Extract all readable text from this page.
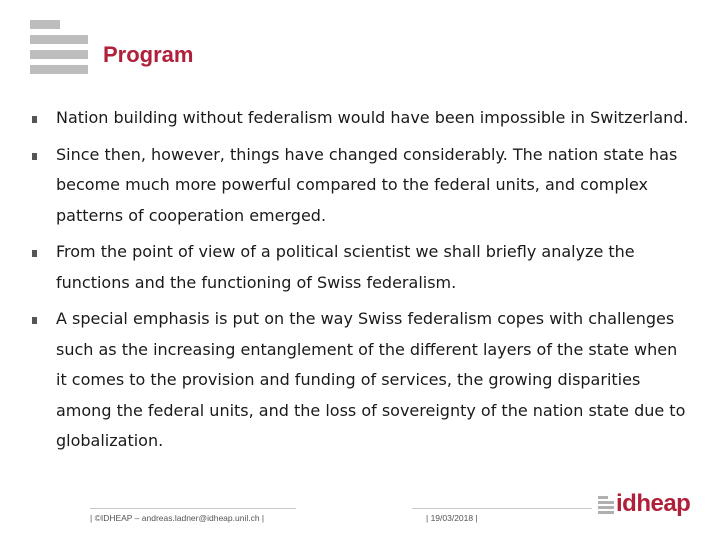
Program
Nation building without federalism would have been impossible in Switzerland.
Since then, however, things have changed considerably. The nation state has become much more powerful compared to the federal units, and complex patterns of cooperation emerged.
From the point of view of a political scientist we shall briefly analyze the functions and the functioning of Swiss federalism.
A special emphasis is put on the way Swiss federalism copes with challenges such as the increasing entanglement of the different layers of the state when it comes to the provision and funding of services, the growing disparities among the federal units, and the loss of sovereignty of the nation state due to globalization.
| ©IDHEAP – andreas.ladner@idheap.unil.ch |	| 19/03/2018 |
idheap
